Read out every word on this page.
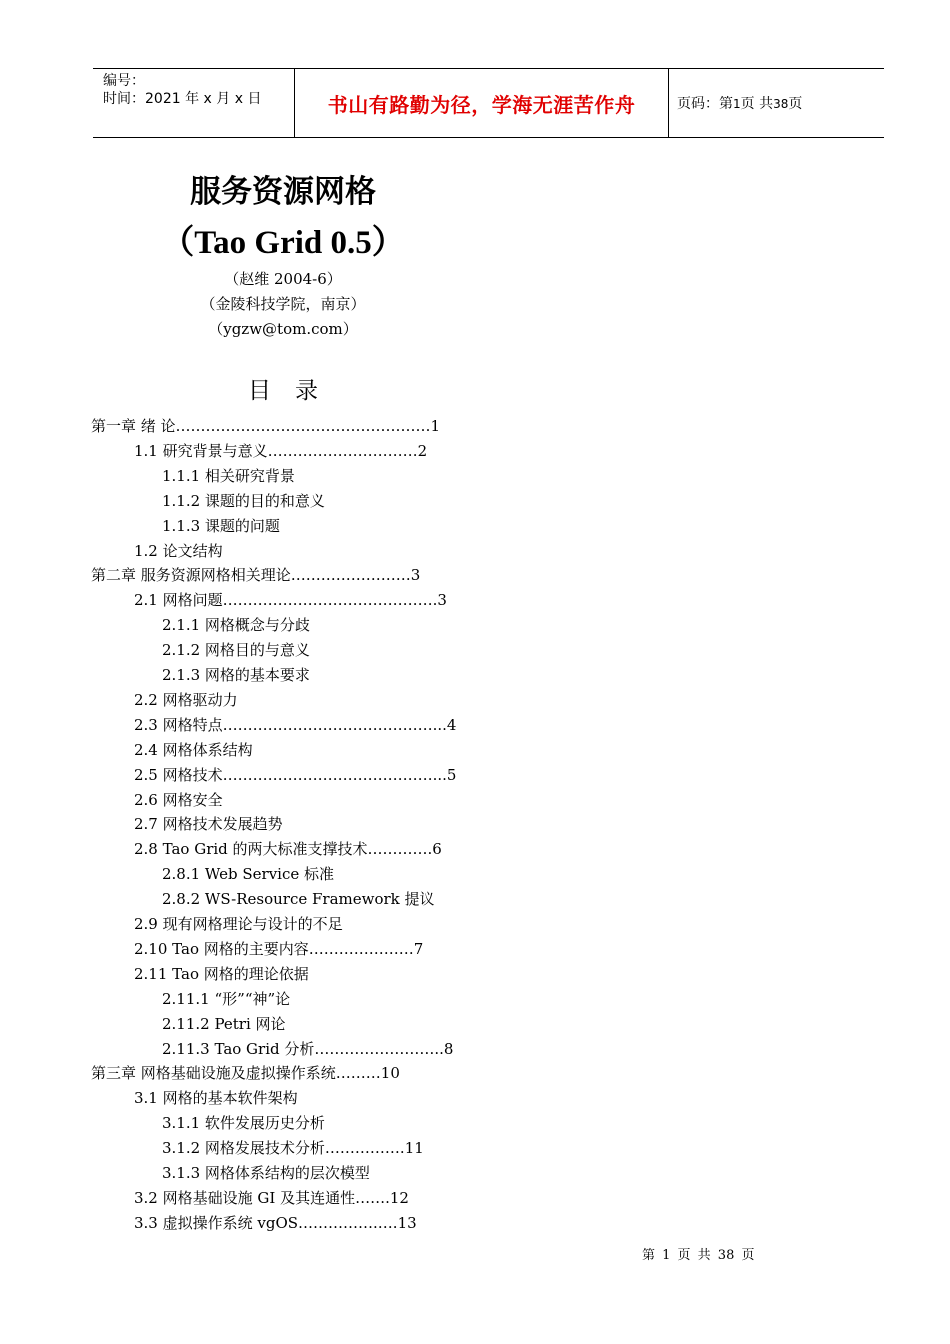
编号：
时间：2021 年 x 月 x 日	书山有路勤为径，学海无涯苦作舟	页码：第1页 共38页
服务资源网格
（Tao Grid 0.5）
（赵维 2004-6）
（金陵科技学院，南京）
（ygzw@tom.com）
目录
第一章 绪 论……………………………………………1
1.1 研究背景与意义…………………………2
1.1.1 相关研究背景
1.1.2 课题的目的和意义
1.1.3 课题的问题
1.2 论文结构
第二章 服务资源网格相关理论……………………3
2.1 网格问题…………………………………….3
2.1.1 网格概念与分歧
2.1.2 网格目的与意义
2.1.3 网格的基本要求
2.2 网格驱动力
2.3 网格特点……………………………………...4
2.4 网格体系结构
2.5 网格技术……………………………………...5
2.6 网格安全
2.7 网格技术发展趋势
2.8 Tao Grid 的两大标准支撑技术………….6
2.8.1 Web Service 标准
2.8.2 WS-Resource Framework 提议
2.9 现有网格理论与设计的不足
2.10 Tao 网格的主要内容…………………7
2.11 Tao 网格的理论依据
2.11.1 “形”“神”论
2.11.2 Petri 网论
2.11.3 Tao Grid 分析……………………..8
第三章 网格基础设施及虚拟操作系统………10
3.1 网格的基本软件架构
3.1.1 软件发展历史分析
3.1.2 网格发展技术分析…………….11
3.1.3 网格体系结构的层次模型
3.2 网格基础设施 GI 及其连通性…….12
3.3 虚拟操作系统 vgOS…………….….13
第 1 页 共 38 页
